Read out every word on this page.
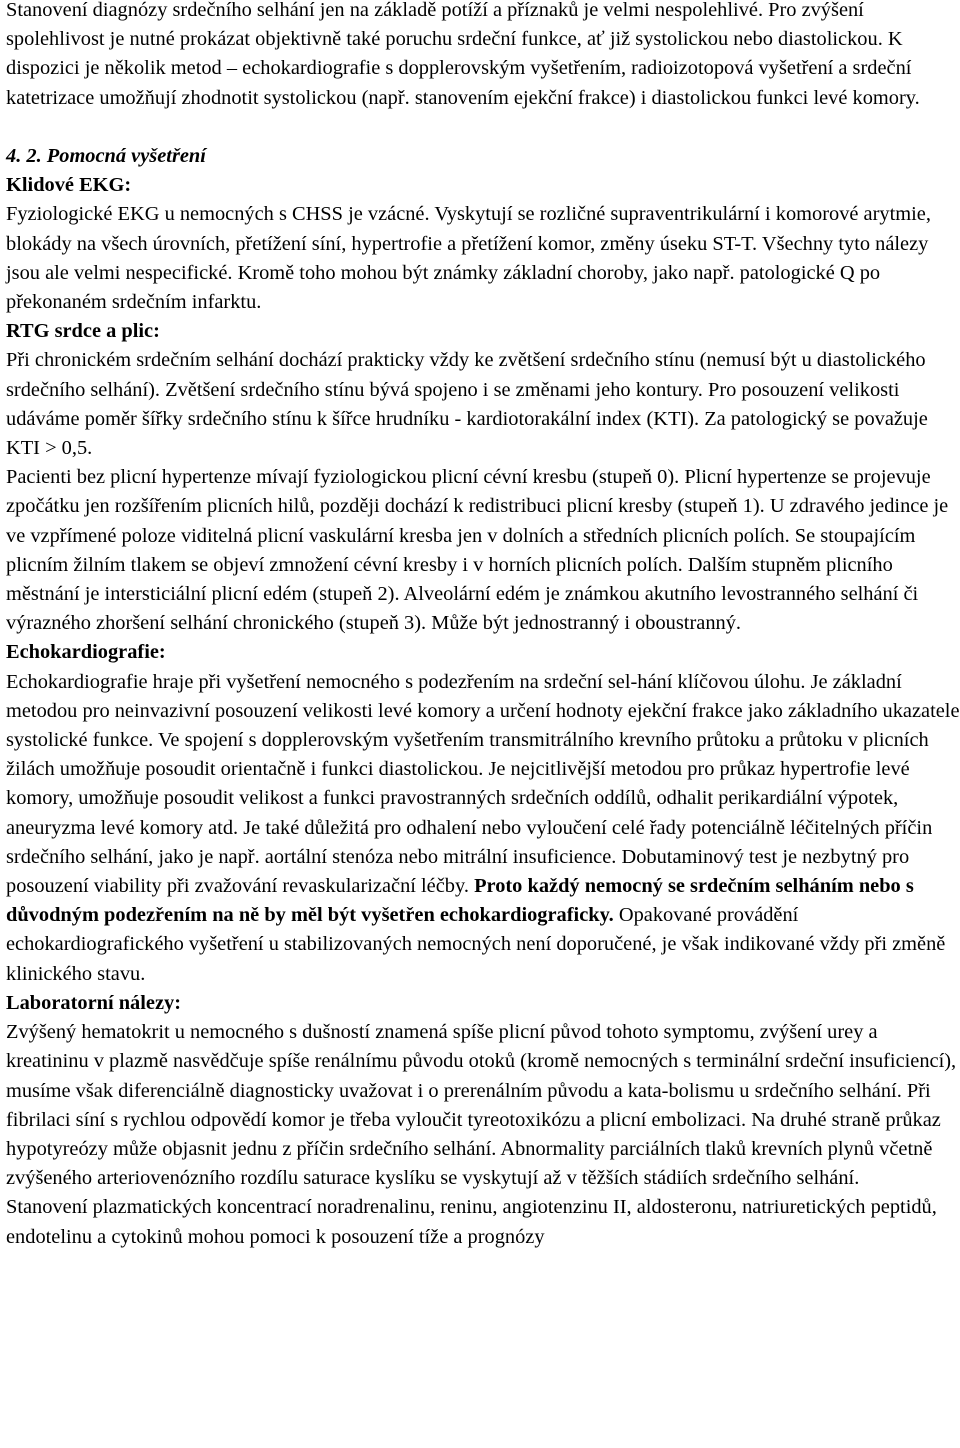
Stanovení diagnózy srdečního selhání jen na základě potíží a příznaků je velmi nespolehlivé. Pro zvýšení spolehlivost je nutné prokázat objektivně také poruchu srdeční funkce, ať již systolickou nebo diastolickou. K dispozici je několik metod – echokardiografie s dopplerovským vyšetřením, radioizotopová vyšetření a srdeční katetrizace umožňují zhodnotit systolickou (např. stanovením ejekční frakce) i diastolickou funkci levé komory.

4. 2. Pomocná vyšetření

Klidové EKG:

Fyziologické EKG u nemocných s CHSS je vzácné. Vyskytují se rozličné supraventrikulární i komorové arytmie, blokády na všech úrovních, přetížení síní, hypertrofie a přetížení komor, změny úseku ST-T. Všechny tyto nálezy jsou ale velmi nespecifické. Kromě toho mohou být známky základní choroby, jako např. patologické Q po překonaném srdečním infarktu.

RTG srdce a plic:

Při chronickém srdečním selhání dochází prakticky vždy ke zvětšení srdečního stínu (nemusí být u diastolického srdečního selhání). Zvětšení srdečního stínu bývá spojeno i se změnami jeho kontury. Pro posouzení velikosti udáváme poměr šířky srdečního stínu k šířce hrudníku - kardiotorakální index (KTI). Za patologický se považuje KTI > 0,5.

Pacienti bez plicní hypertenze mívají fyziologickou plicní cévní kresbu (stupeň 0). Plicní hypertenze se projevuje zpočátku jen rozšířením plicních hilů, později dochází k redistribuci plicní kresby (stupeň 1). U zdravého jedince je ve vzpřímené poloze viditelná plicní vaskulární kresba jen v dolních a středních plicních polích. Se stoupajícím plicním žilním tlakem se objeví zmnožení cévní kresby i v horních plicních polích. Dalším stupněm plicního městnání je intersticiální plicní edém (stupeň 2). Alveolární edém je známkou akutního levostranného selhání či výrazného zhoršení selhání chronického (stupeň 3). Může být jednostranný i oboustranný.

Echokardiografie:

Echokardiografie hraje při vyšetření nemocného s podezřením na srdeční sel-hání klíčovou úlohu. Je základní metodou pro neinvazivní posouzení velikosti levé komory a určení hodnoty ejekční frakce jako základního ukazatele systolické funkce. Ve spojení s dopplerovským vyšetřením transmitrálního krevního průtoku a průtoku v plicních žilách umožňuje posoudit orientačně i funkci diastolickou. Je nejcitlivější metodou pro průkaz hypertrofie levé komory, umožňuje posoudit velikost a funkci pravostranných srdečních oddílů, odhalit perikardiální výpotek, aneuryzma levé komory atd. Je také důležitá pro odhalení nebo vyloučení celé řady potenciálně léčitelných příčin srdečního selhání, jako je např. aortální stenóza nebo mitrální insuficience. Dobutaminový test je nezbytný pro posouzení viability při zvažování revaskularizační léčby. Proto každý nemocný se srdečním selháním nebo s důvodným podezřením na ně by měl být vyšetřen echokardiograficky. Opakované provádění echokardiografického vyšetření u stabilizovaných nemocných není doporučené, je však indikované vždy při změně klinického stavu.

Laboratorní nálezy:

Zvýšený hematokrit u nemocného s dušností znamená spíše plicní původ tohoto symptomu, zvýšení urey a kreatininu v plazmě nasvědčuje spíše renálnímu původu otoků (kromě nemocných s terminální srdeční insuficiencí), musíme však diferenciálně diagnosticky uvažovat i o prerenálním původu a kata-bolismu u srdečního selhání. Při fibrilaci síní s rychlou odpovědí komor je třeba vyloučit tyreotoxikózu a plicní embolizaci. Na druhé straně průkaz hypotyreózy může objasnit jednu z příčin srdečního selhání. Abnormality parciálních tlaků krevních plynů včetně zvýšeného arteriovenózního rozdílu saturace kyslíku se vyskytují až v těžších stádiích srdečního selhání.

Stanovení plazmatických koncentrací noradrenalinu, reninu, angiotenzinu II, aldosteronu, natriuretických peptidů, endotelinu a cytokinů mohou pomoci k posouzení tíže a prognózy
